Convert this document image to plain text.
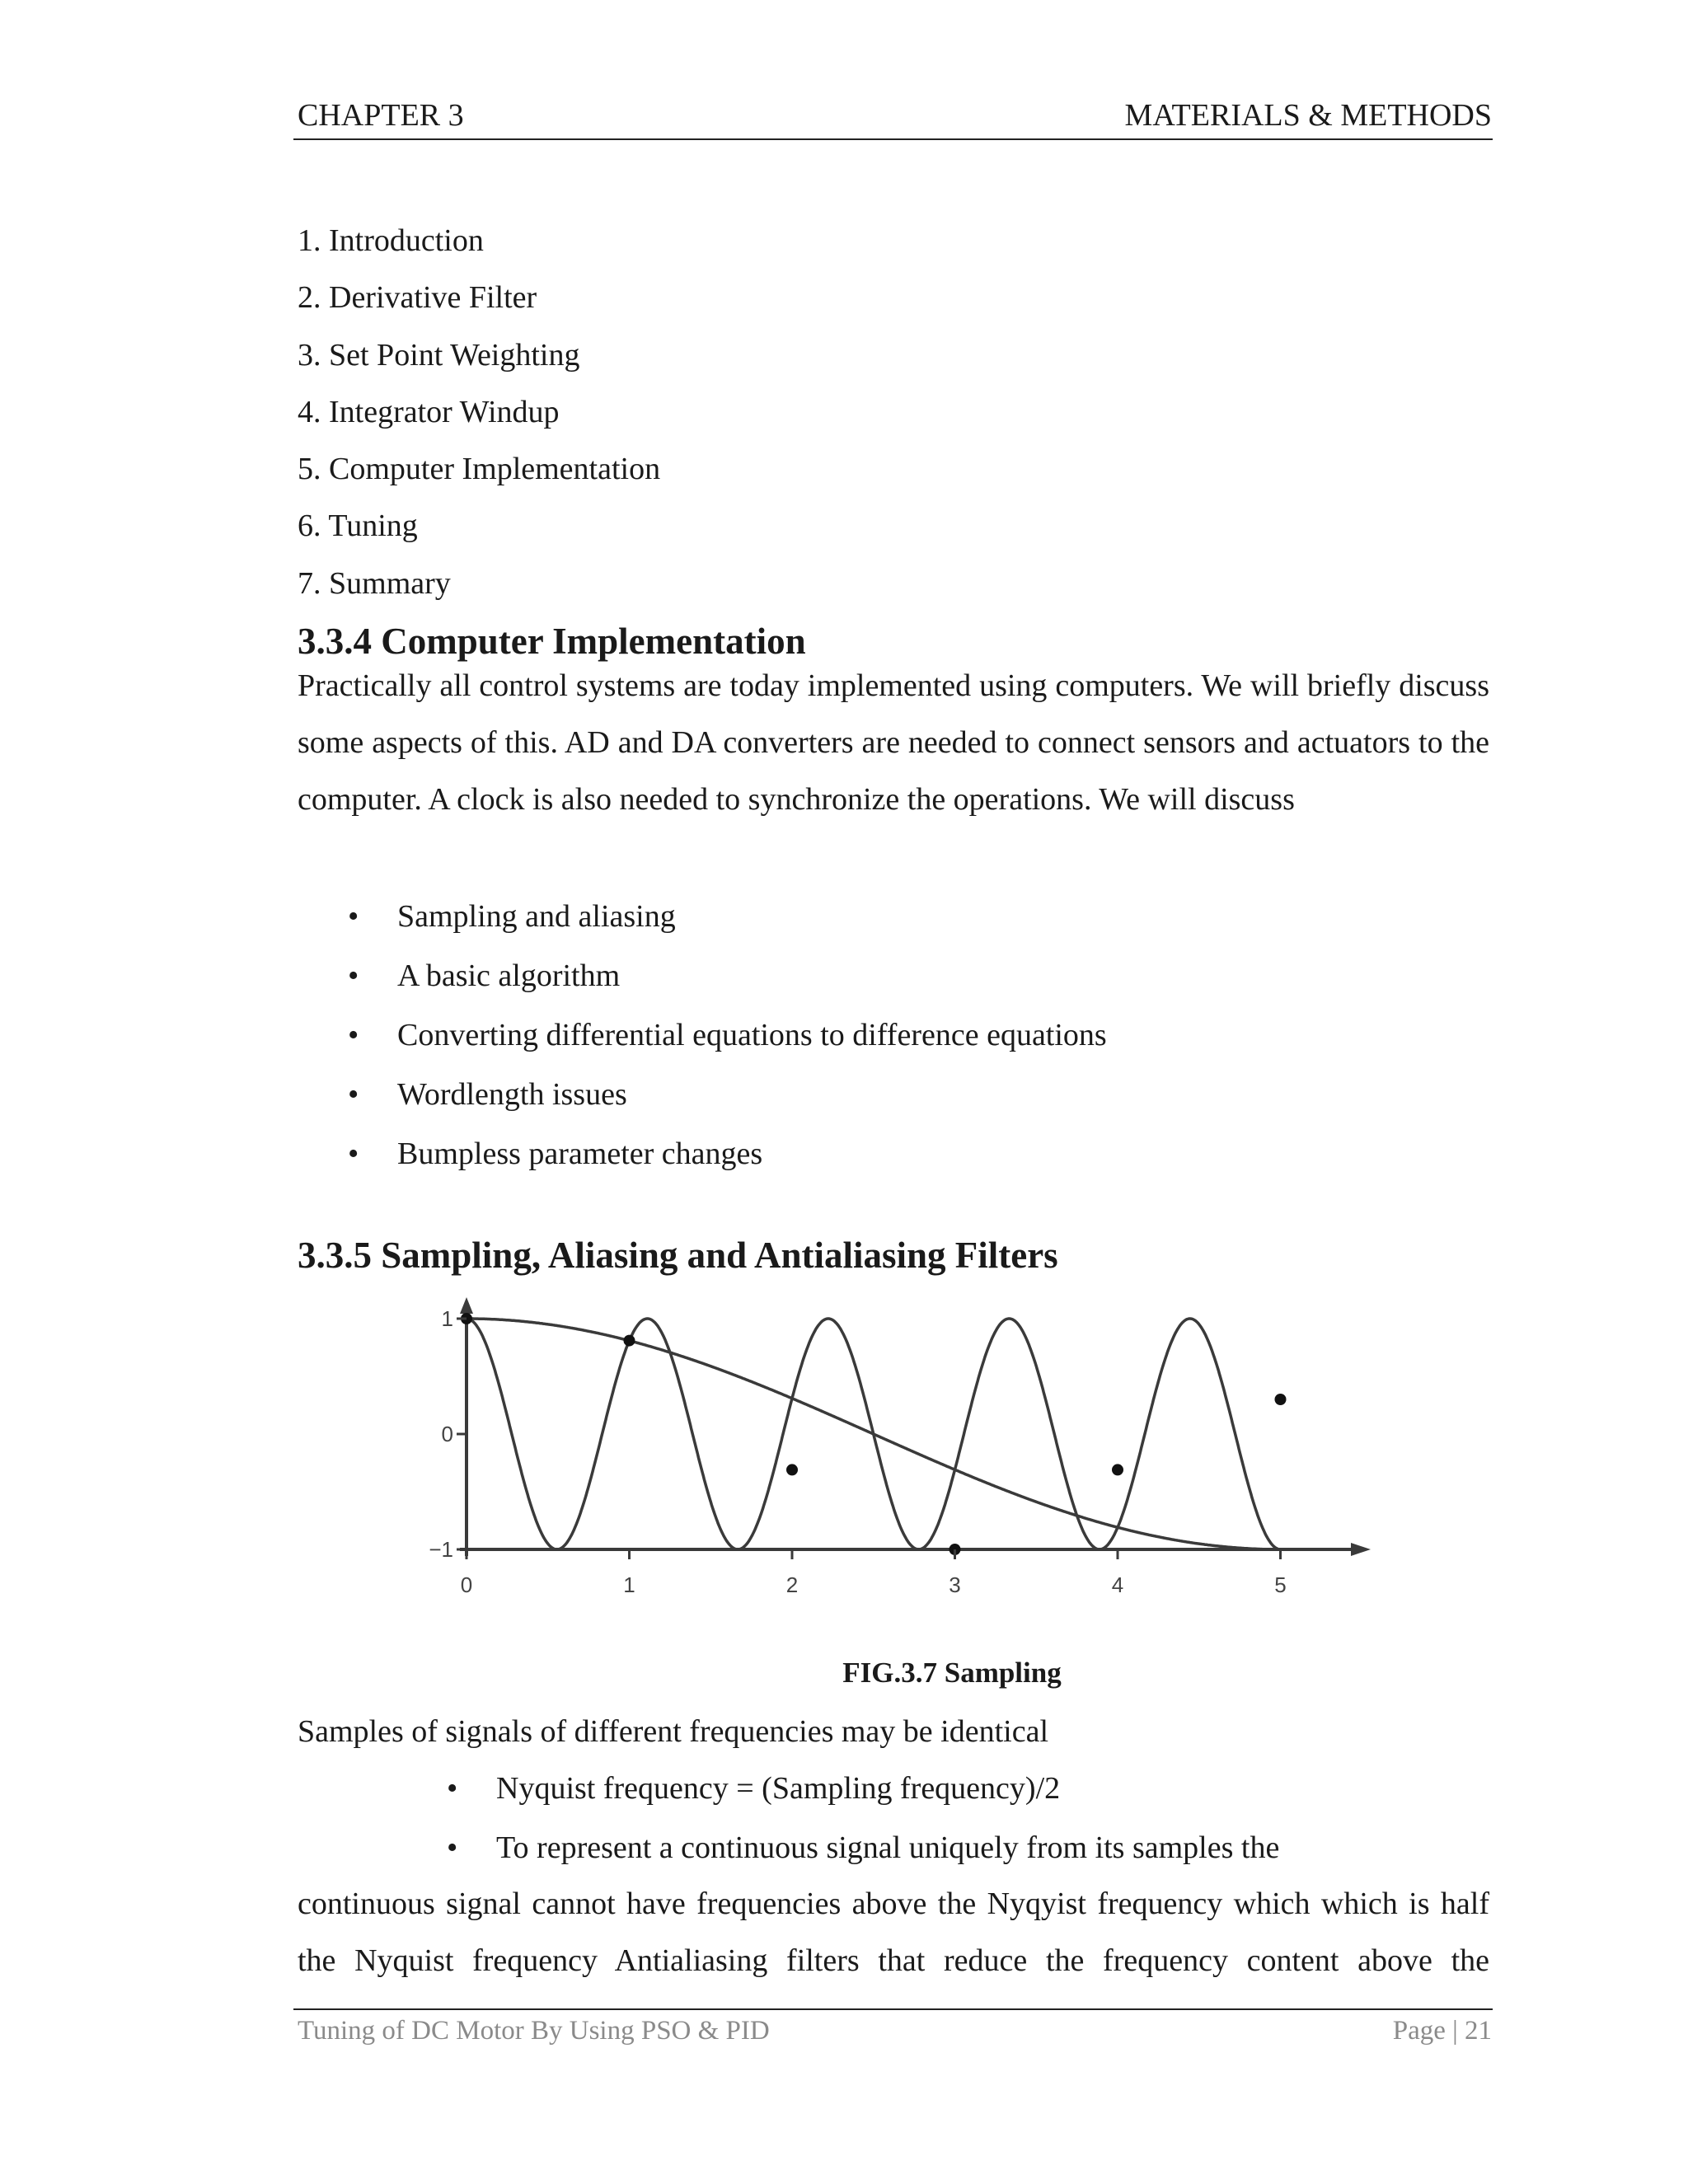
CHAPTER 3	MATERIALS & METHODS
1. Introduction
2. Derivative Filter
3. Set Point Weighting
4. Integrator Windup
5. Computer Implementation
6. Tuning
7. Summary
3.3.4 Computer Implementation
Practically all control systems are today implemented using computers. We will briefly discuss some aspects of this. AD and DA converters are needed to connect sensors and actuators to the computer. A clock is also needed to synchronize the operations. We will discuss
• Sampling and aliasing
• A basic algorithm
• Converting differential equations to difference equations
• Wordlength issues
• Bumpless parameter changes
3.3.5 Sampling, Aliasing and Antialiasing Filters
0	1	2	3	4	5
1
0
−1
FIG.3.7 Sampling
Samples of signals of different frequencies may be identical
• Nyquist frequency = (Sampling frequency)/2
• To represent a continuous signal uniquely from its samples the
continuous signal cannot have frequencies above the Nyqyist frequency which which is half the Nyquist frequency Antialiasing filters that reduce the frequency content above the
Tuning of DC Motor By Using PSO & PID	Page | 21
